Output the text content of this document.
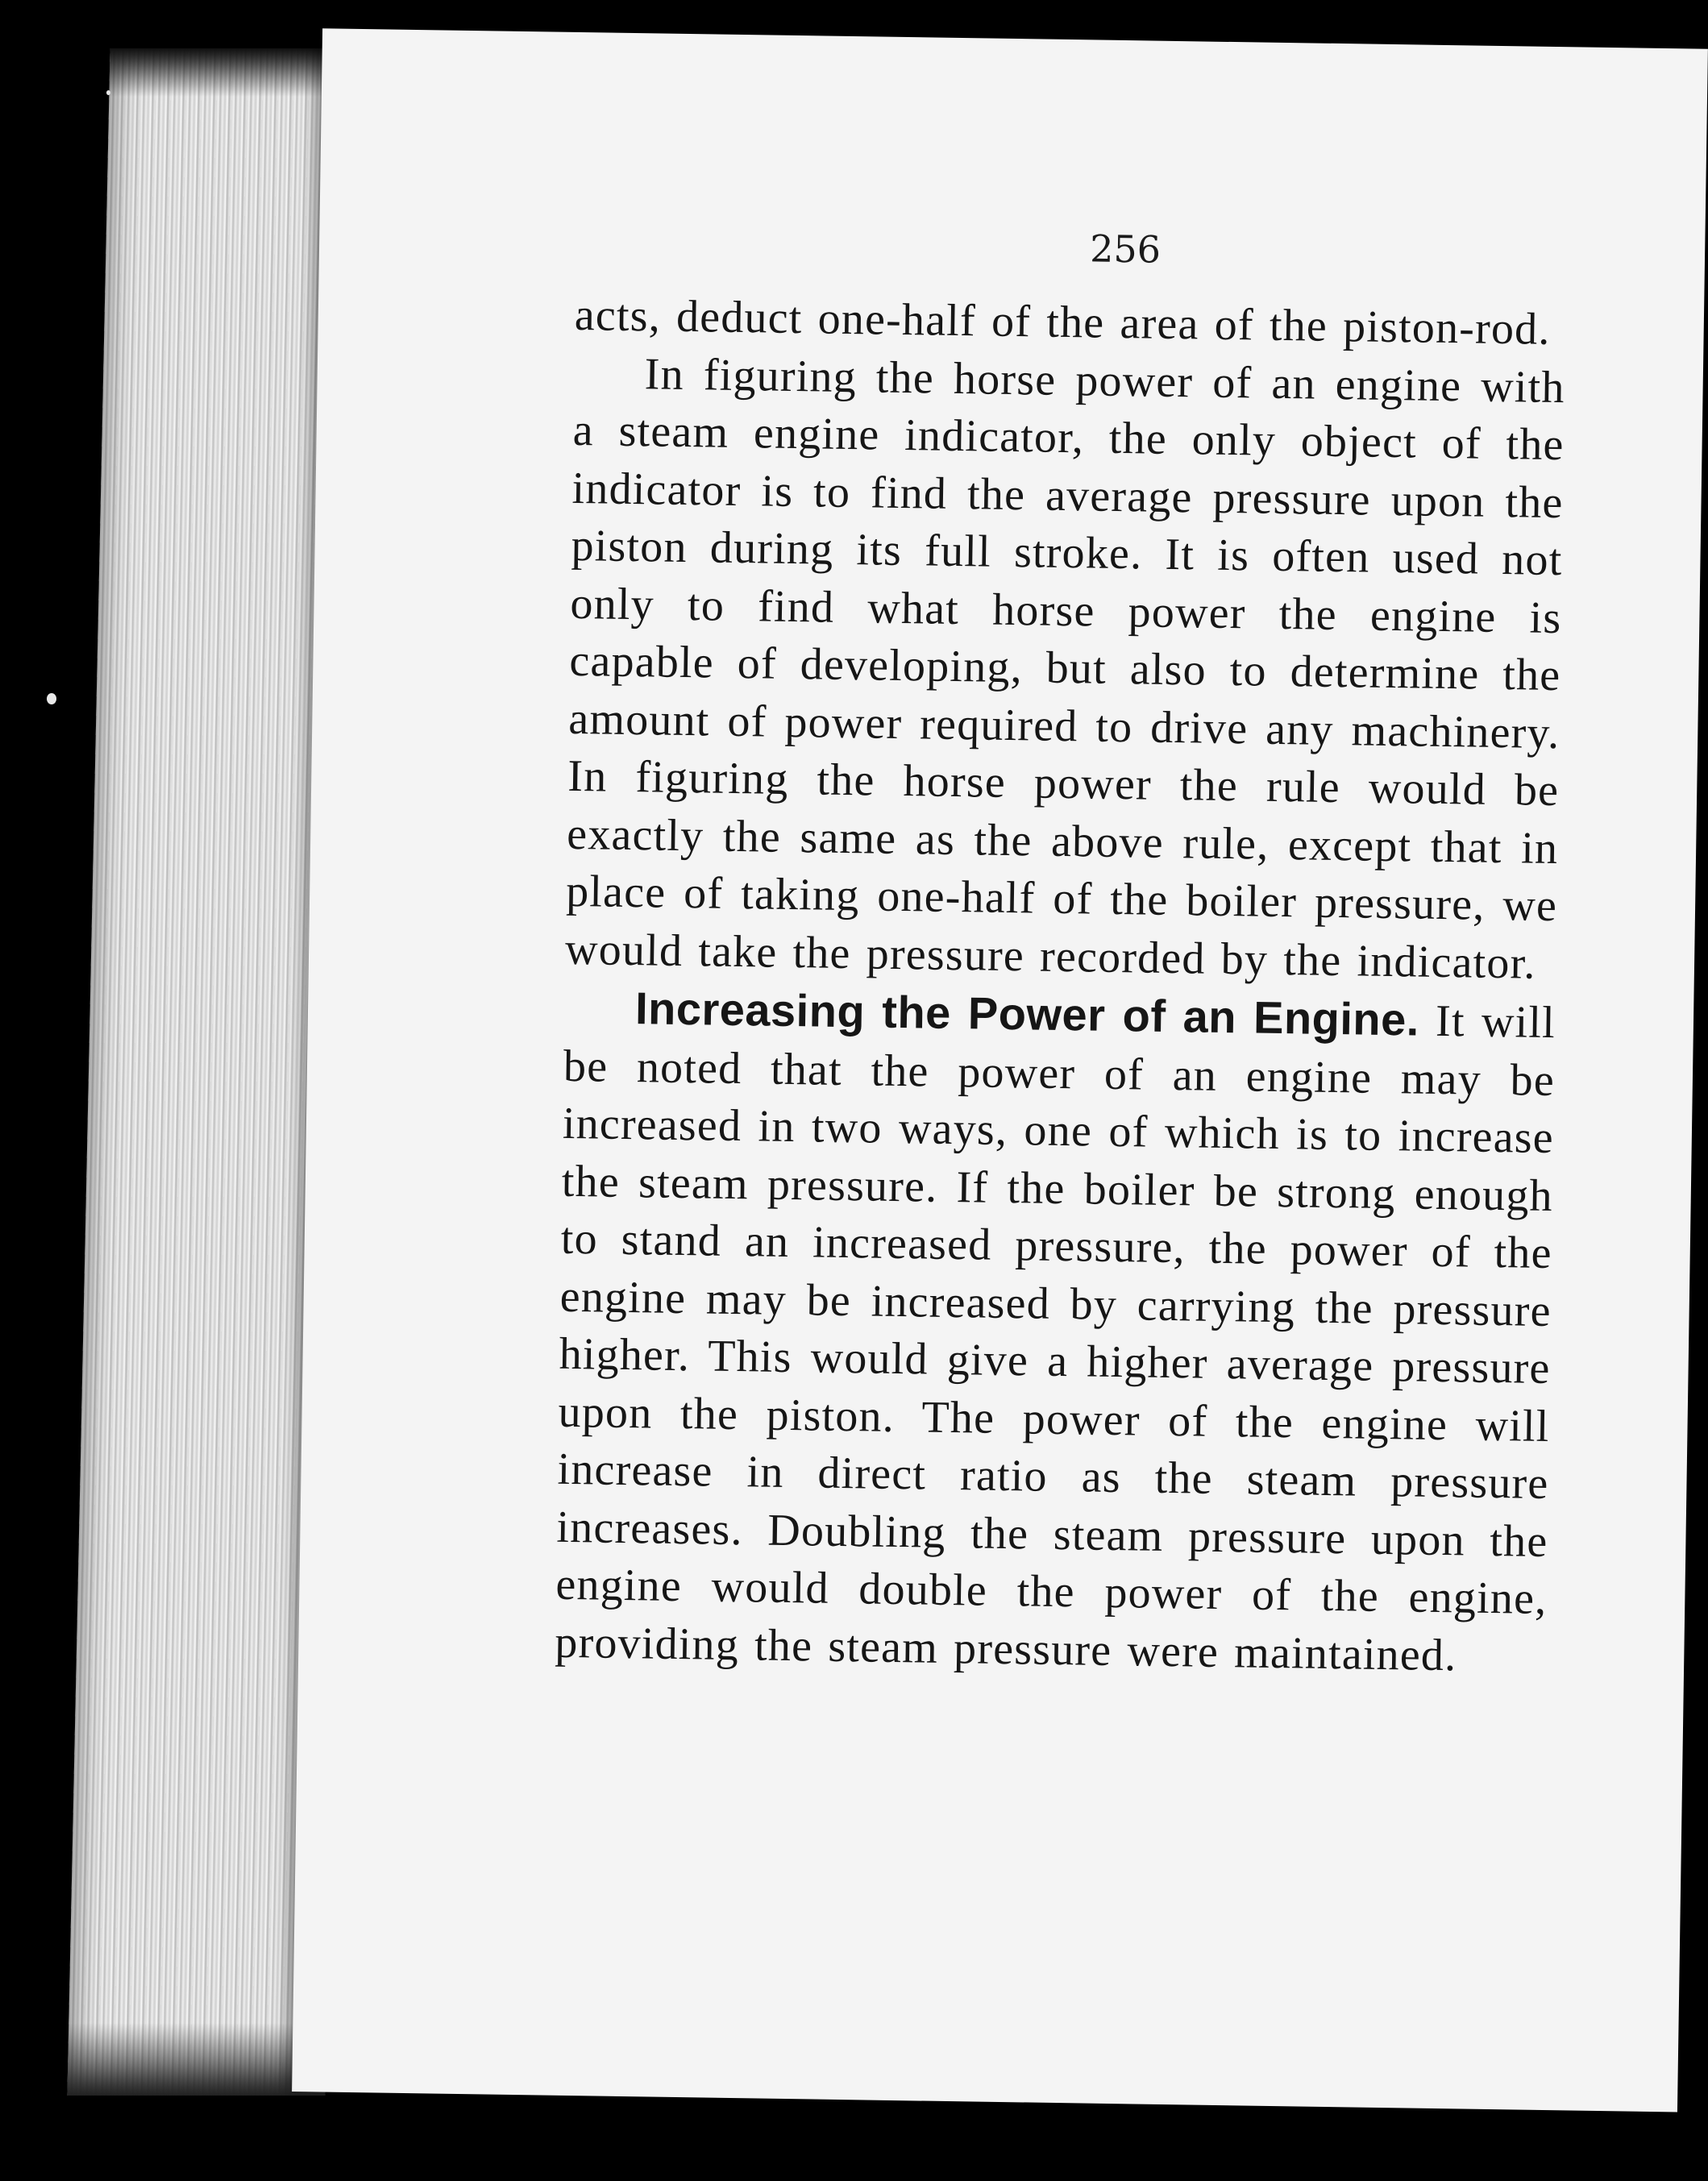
256

acts, deduct one-half of the area of the piston-rod.

In figuring the horse power of an engine with a steam engine indicator, the only object of the indicator is to find the average pressure upon the piston during its full stroke. It is often used not only to find what horse power the engine is capable of developing, but also to determine the amount of power required to drive any machinery. In figuring the horse power the rule would be exactly the same as the above rule, except that in place of taking one-half of the boiler pressure, we would take the pressure recorded by the indicator.

Increasing the Power of an Engine. It will be noted that the power of an engine may be increased in two ways, one of which is to increase the steam pressure. If the boiler be strong enough to stand an increased pressure, the power of the engine may be increased by carrying the pressure higher. This would give a higher average pressure upon the piston. The power of the engine will increase in direct ratio as the steam pressure increases. Doubling the steam pressure upon the engine would double the power of the engine, providing the steam pressure were maintained.
